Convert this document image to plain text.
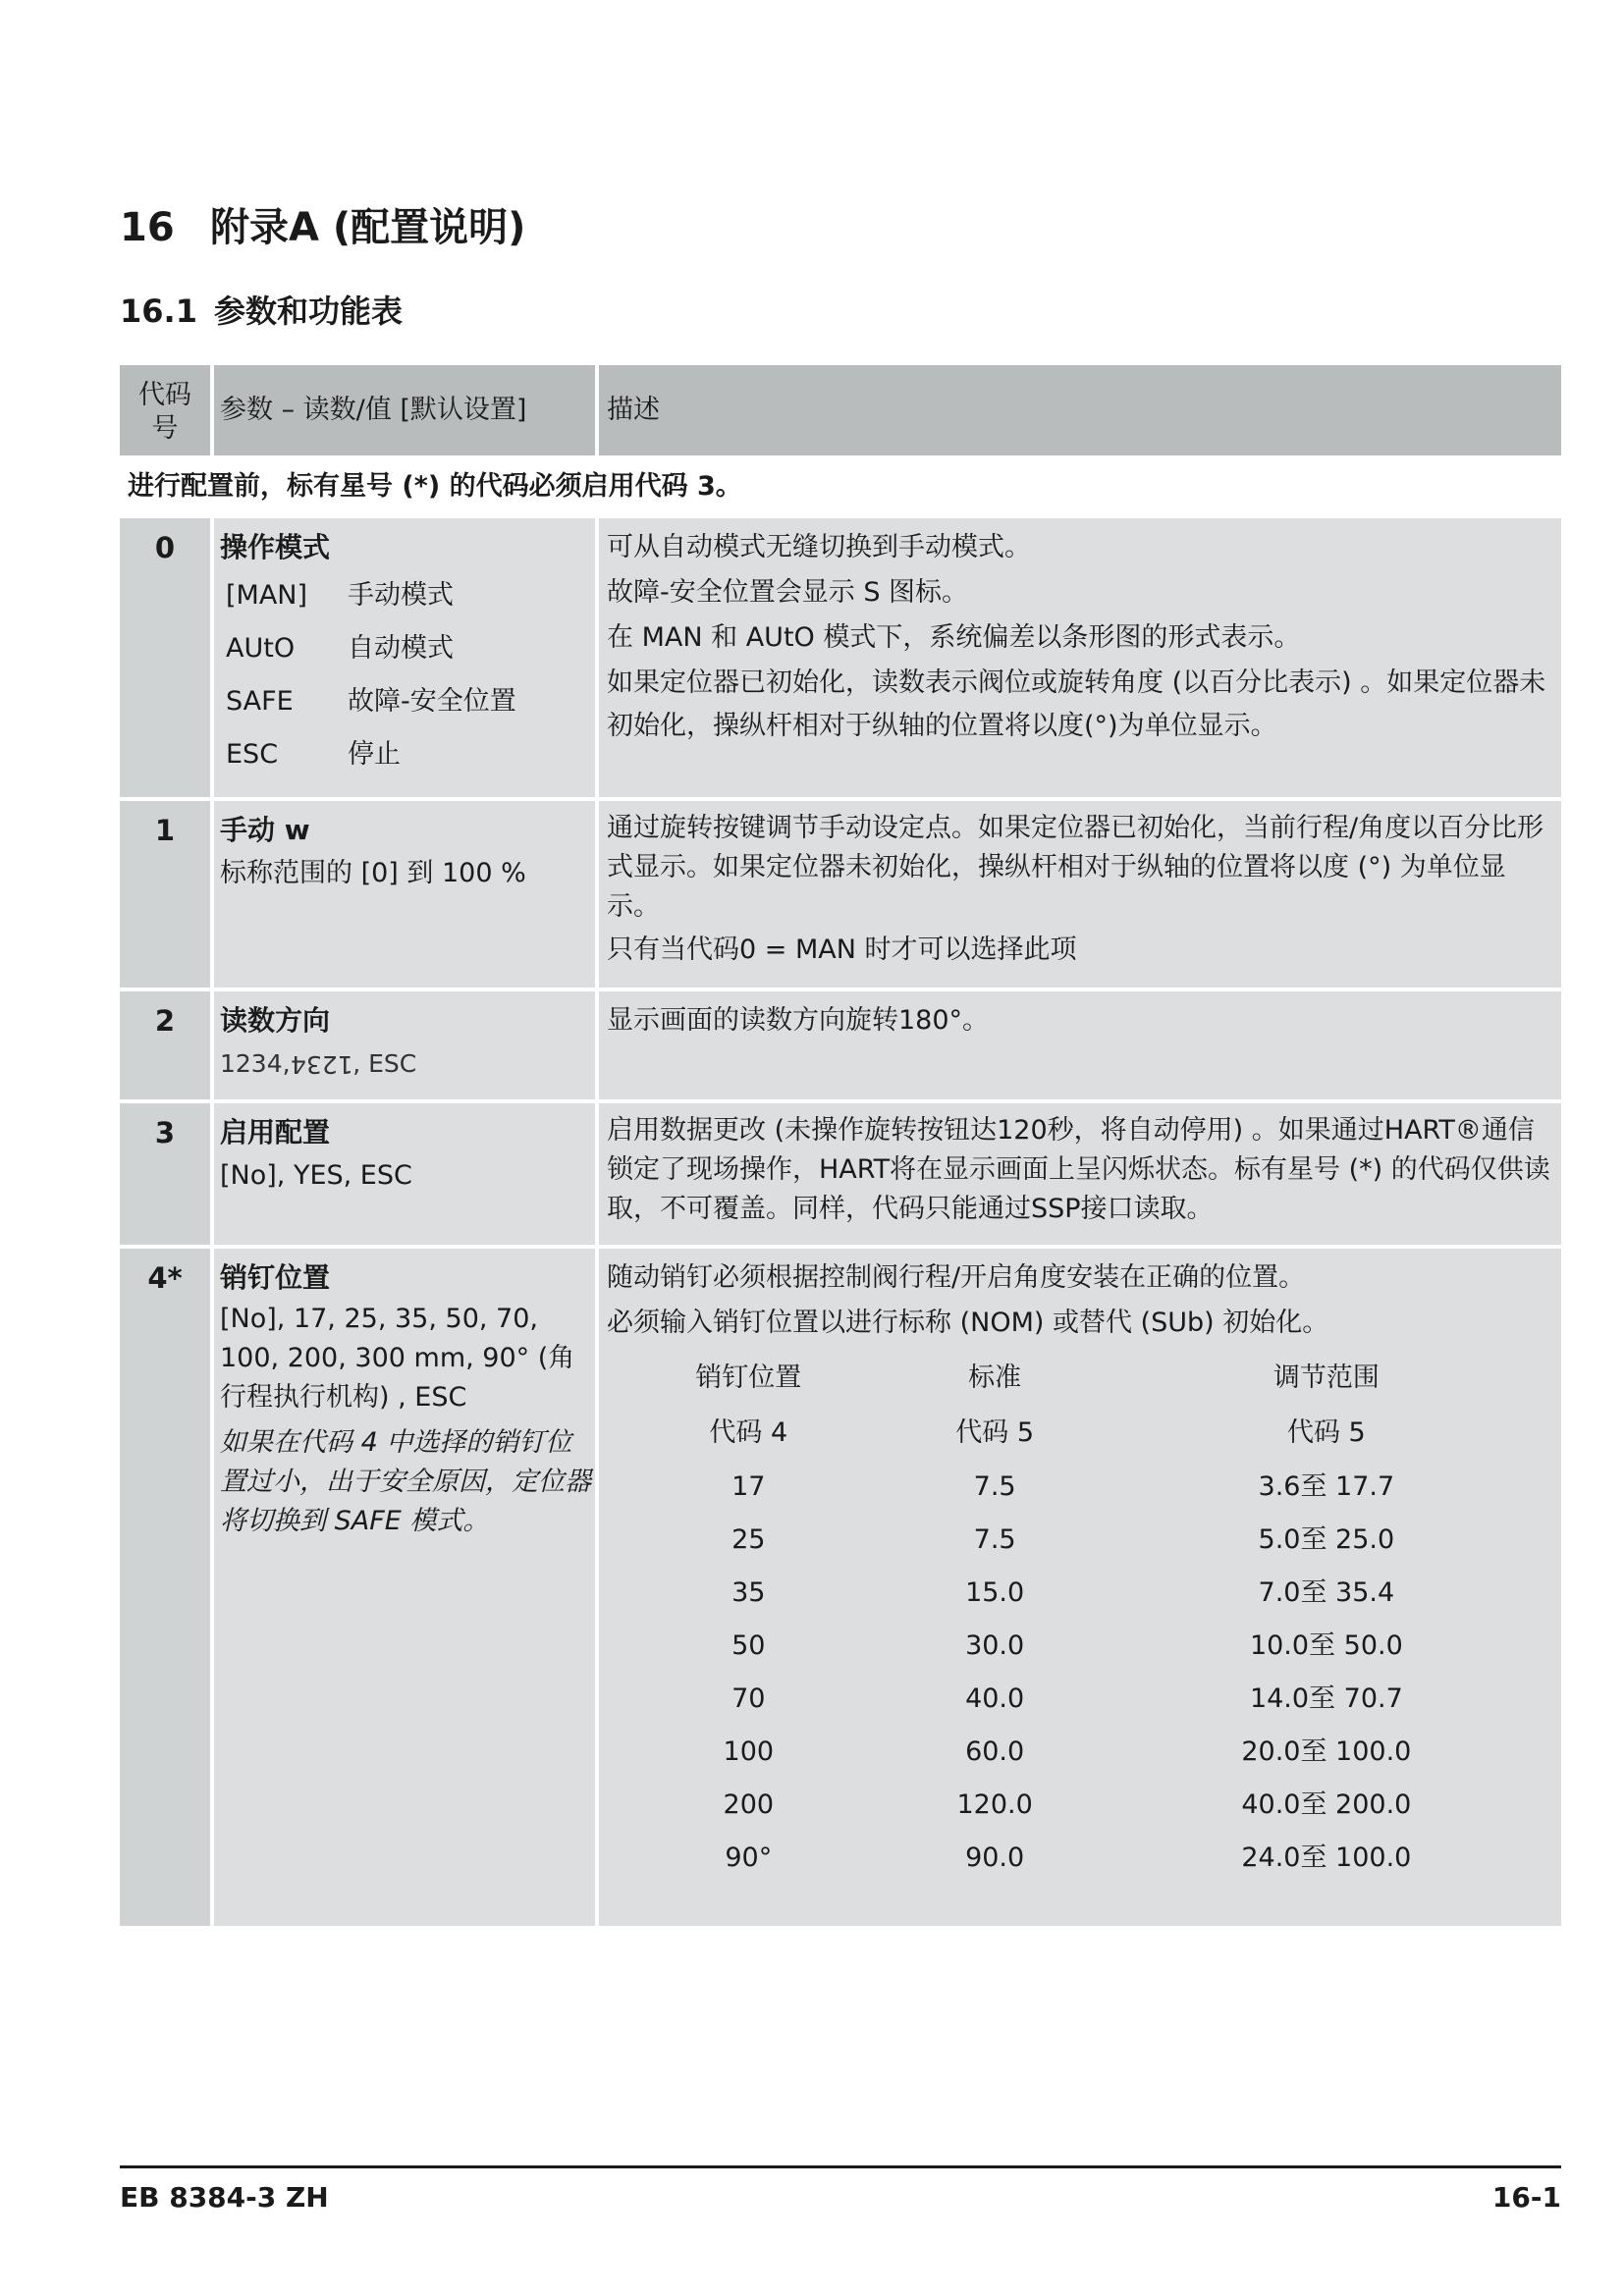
16 附录A (配置说明)
16.1 参数和功能表
代码号	参数 – 读数/值 [默认设置]	描述
进行配置前，标有星号 (*) 的代码必须启用代码 3。
0	操作模式
[MAN]	手动模式
AUtO	自动模式
SAFE	故障-安全位置
ESC	停止

可从自动模式无缝切换到手动模式。
故障-安全位置会显示 S 图标。
在 MAN 和 AUtO 模式下，系统偏差以条形图的形式表示。
如果定位器已初始化，读数表示阀位或旋转角度 (以百分比表示) 。如果定位器未初始化，操纵杆相对于纵轴的位置将以度(°)为单位显示。

1	手动 w
标称范围的 [0] 到 100 %

通过旋转按键调节手动设定点。如果定位器已初始化，当前行程/角度以百分比形式显示。如果定位器未初始化，操纵杆相对于纵轴的位置将以度 (°) 为单位显示。
只有当代码0 = MAN 时才可以选择此项

2	读数方向
1234,1234, ESC

显示画面的读数方向旋转180°。

3	启用配置
[No], YES, ESC

启用数据更改 (未操作旋转按钮达120秒，将自动停用) 。如果通过HART®通信锁定了现场操作，HART将在显示画面上呈闪烁状态。标有星号 (*) 的代码仅供读取，不可覆盖。同样，代码只能通过SSP接口读取。

4*	销钉位置
[No], 17, 25, 35, 50, 70, 100, 200, 300 mm, 90° (角行程执行机构) , ESC
如果在代码 4 中选择的销钉位置过小，出于安全原因，定位器将切换到 SAFE 模式。

随动销钉必须根据控制阀行程/开启角度安装在正确的位置。
必须输入销钉位置以进行标称 (NOM) 或替代 (SUb) 初始化。
销钉位置	标准	调节范围
代码 4	代码 5	代码 5
17	7.5	3.6至 17.7
25	7.5	5.0至 25.0
35	15.0	7.0至 35.4
50	30.0	10.0至 50.0
70	40.0	14.0至 70.7
100	60.0	20.0至 100.0
200	120.0	40.0至 200.0
90°	90.0	24.0至 100.0
EB 8384-3 ZH	16-1
